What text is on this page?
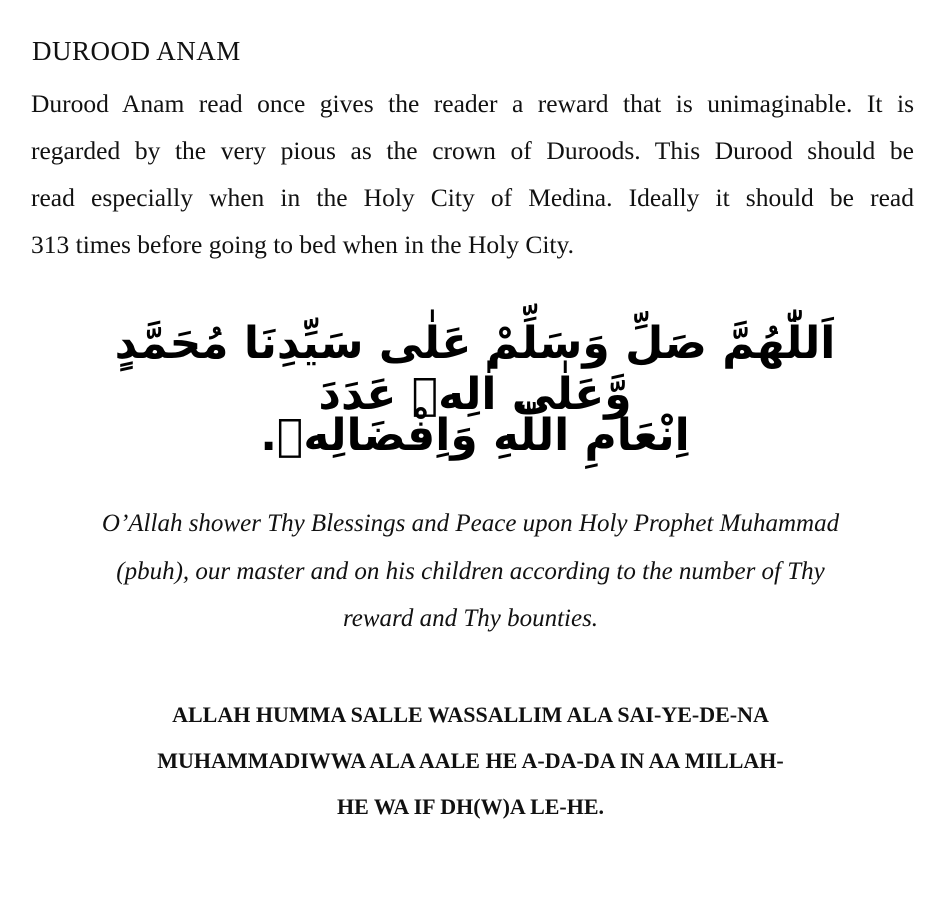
DUROOD ANAM
Durood Anam read once gives the reader a reward that is unimaginable. It is
regarded by the very pious as the crown of Duroods. This Durood should be
read especially when in the Holy City of Medina. Ideally it should be read
313 times before going to bed when in the Holy City.
اَللّٰهُمَّ صَلِّ وَسَلِّمْ عَلٰى سَيِّدِنَا مُحَمَّدٍ وَّعَلٰى اٰلِهٖ عَدَدَ
اِنْعَامِ اللّٰهِ وَاِفْضَالِهٖ.
O’Allah shower Thy Blessings and Peace upon Holy Prophet Muhammad
(pbuh), our master and on his children according to the number of Thy
reward and Thy bounties.
ALLAH HUMMA SALLE WASSALLIM ALA SAI-YE-DE-NA
MUHAMMADIWWA ALA AALE HE A-DA-DA IN AA MILLAH-
HE WA IF DH(W)A LE-HE.
